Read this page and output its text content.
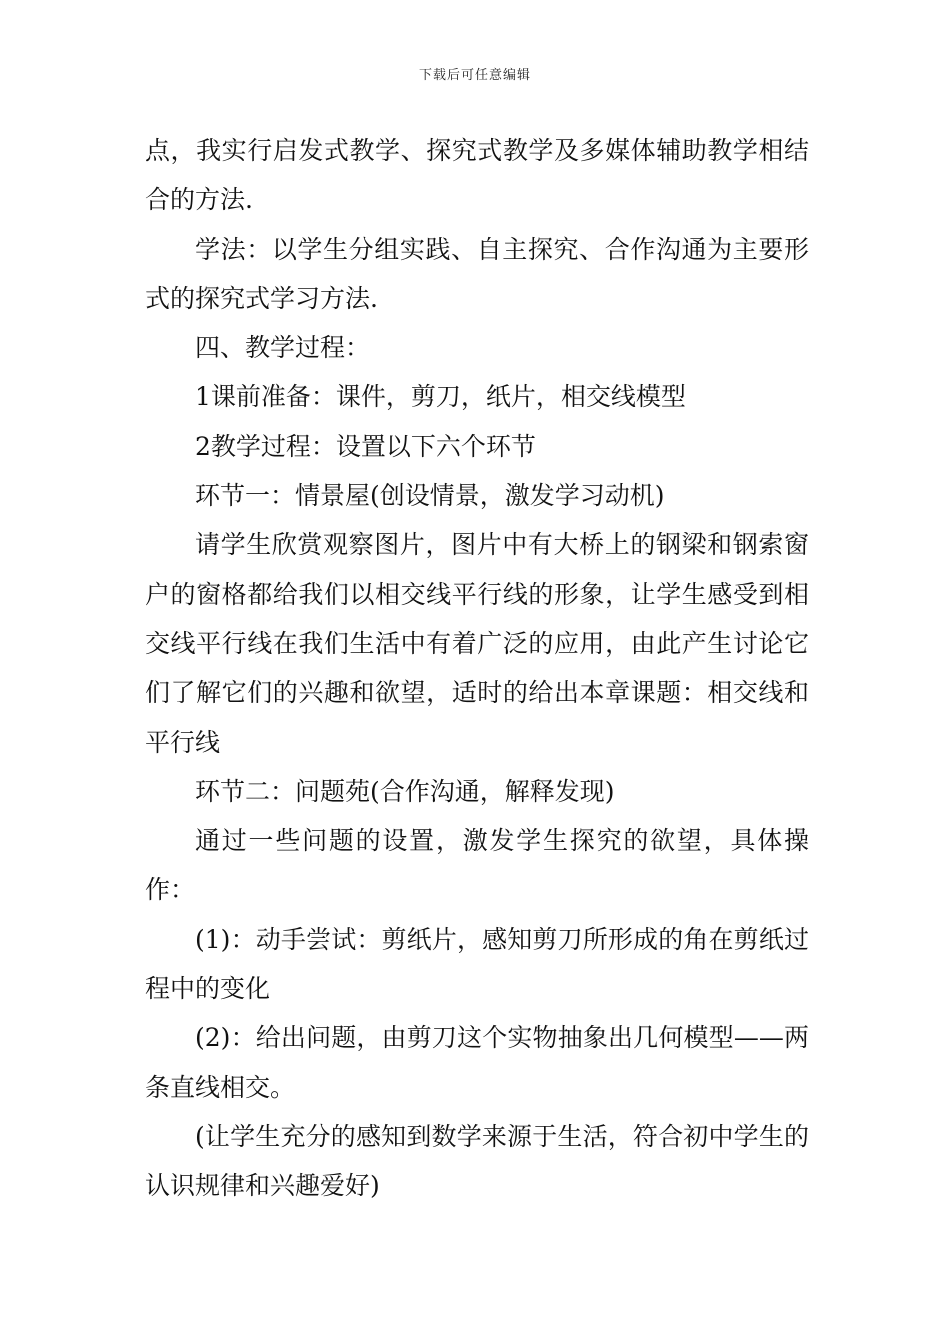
下载后可任意编辑

点，我实行启发式教学、探究式教学及多媒体辅助教学相结合的方法.

学法：以学生分组实践、自主探究、合作沟通为主要形式的探究式学习方法.

四、教学过程：

1课前准备：课件，剪刀，纸片，相交线模型

2教学过程：设置以下六个环节

环节一：情景屋(创设情景，激发学习动机)

请学生欣赏观察图片，图片中有大桥上的钢梁和钢索窗户的窗格都给我们以相交线平行线的形象，让学生感受到相交线平行线在我们生活中有着广泛的应用，由此产生讨论它们了解它们的兴趣和欲望，适时的给出本章课题：相交线和平行线

环节二：问题苑(合作沟通，解释发现)

通过一些问题的设置，激发学生探究的欲望，具体操作：

(1)：动手尝试：剪纸片，感知剪刀所形成的角在剪纸过程中的变化

(2)：给出问题，由剪刀这个实物抽象出几何模型——两条直线相交。

(让学生充分的感知到数学来源于生活，符合初中学生的认识规律和兴趣爱好)
